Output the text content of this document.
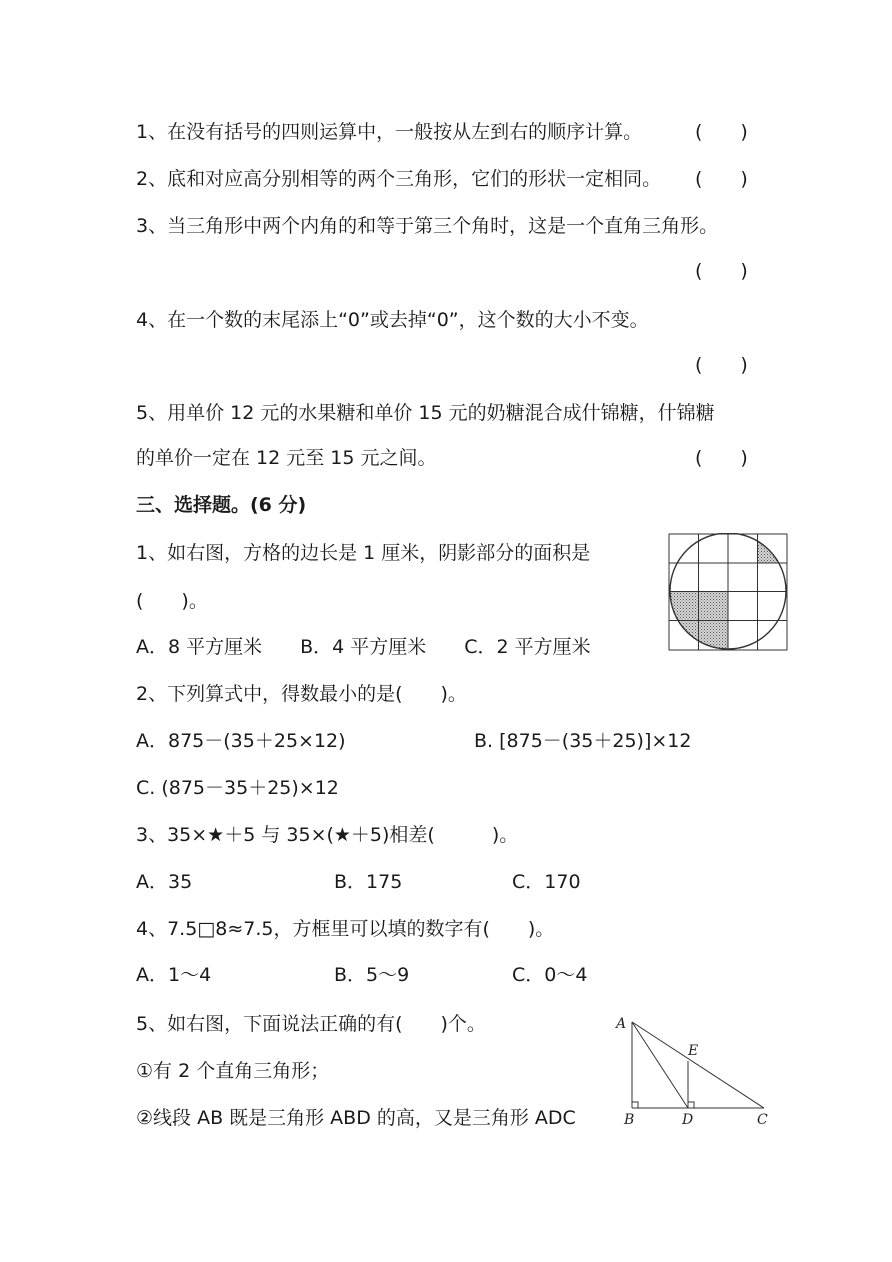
1、在没有括号的四则运算中，一般按从左到右的顺序计算。	(　　)
2、底和对应高分别相等的两个三角形，它们的形状一定相同。 (　　)
3、当三角形中两个内角的和等于第三个角时，这是一个直角三角形。
(　　)
4、在一个数的末尾添上“0”或去掉“0”，这个数的大小不变。
(　　)
5、用单价 12 元的水果糖和单价 15 元的奶糖混合成什锦糖，什锦糖
的单价一定在 12 元至 15 元之间。	(　　)
三、选择题。(6 分)
1、如右图，方格的边长是 1 厘米，阴影部分的面积是
(　　)。
A．8 平方厘米　　B．4 平方厘米　　C．2 平方厘米
2、下列算式中，得数最小的是(　　)。
A．875－(35＋25×12)	B. [875－(35＋25)]×12
C. (875－35＋25)×12
3、35×★＋5 与 35×(★＋5)相差(　　　)。
A．35	B．175	C．170
4、7.5□8≈7.5，方框里可以填的数字有(　　)。
A．1～4	B．5～9	C．0～4
5、如右图，下面说法正确的有(　　)个。
①有 2 个直角三角形；
②线段 AB 既是三角形 ABD 的高，又是三角形 ADC
A
E
B	D	C
